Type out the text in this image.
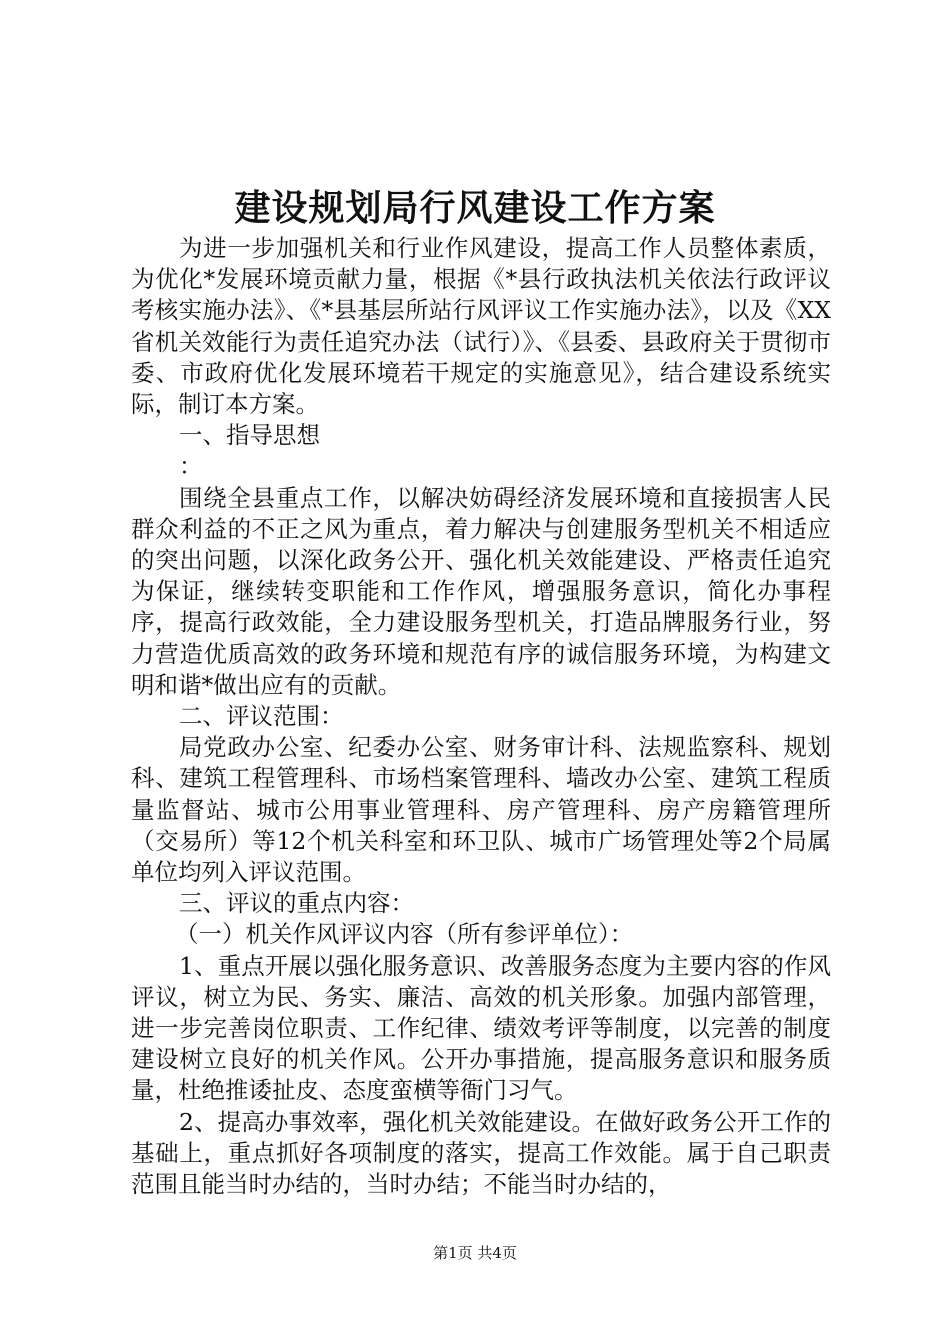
建设规划局行风建设工作方案

为进一步加强机关和行业作风建设，提高工作人员整体素质，为优化*发展环境贡献力量，根据《*县行政执法机关依法行政评议考核实施办法》、《*县基层所站行风评议工作实施办法》，以及《XX省机关效能行为责任追究办法（试行）》、《县委、县政府关于贯彻市委、市政府优化发展环境若干规定的实施意见》，结合建设系统实际，制订本方案。

一、指导思想

：

围绕全县重点工作，以解决妨碍经济发展环境和直接损害人民群众利益的不正之风为重点，着力解决与创建服务型机关不相适应的突出问题，以深化政务公开、强化机关效能建设、严格责任追究为保证，继续转变职能和工作作风，增强服务意识，简化办事程序，提高行政效能，全力建设服务型机关，打造品牌服务行业，努力营造优质高效的政务环境和规范有序的诚信服务环境，为构建文明和谐*做出应有的贡献。

二、评议范围：

局党政办公室、纪委办公室、财务审计科、法规监察科、规划科、建筑工程管理科、市场档案管理科、墙改办公室、建筑工程质量监督站、城市公用事业管理科、房产管理科、房产房籍管理所（交易所）等12个机关科室和环卫队、城市广场管理处等2个局属单位均列入评议范围。

三、评议的重点内容：

（一）机关作风评议内容（所有参评单位）：

1、重点开展以强化服务意识、改善服务态度为主要内容的作风评议，树立为民、务实、廉洁、高效的机关形象。加强内部管理，进一步完善岗位职责、工作纪律、绩效考评等制度，以完善的制度建设树立良好的机关作风。公开办事措施，提高服务意识和服务质量，杜绝推诿扯皮、态度蛮横等衙门习气。

2、提高办事效率，强化机关效能建设。在做好政务公开工作的基础上，重点抓好各项制度的落实，提高工作效能。属于自己职责范围且能当时办结的，当时办结；不能当时办结的，

第1页 共4页
